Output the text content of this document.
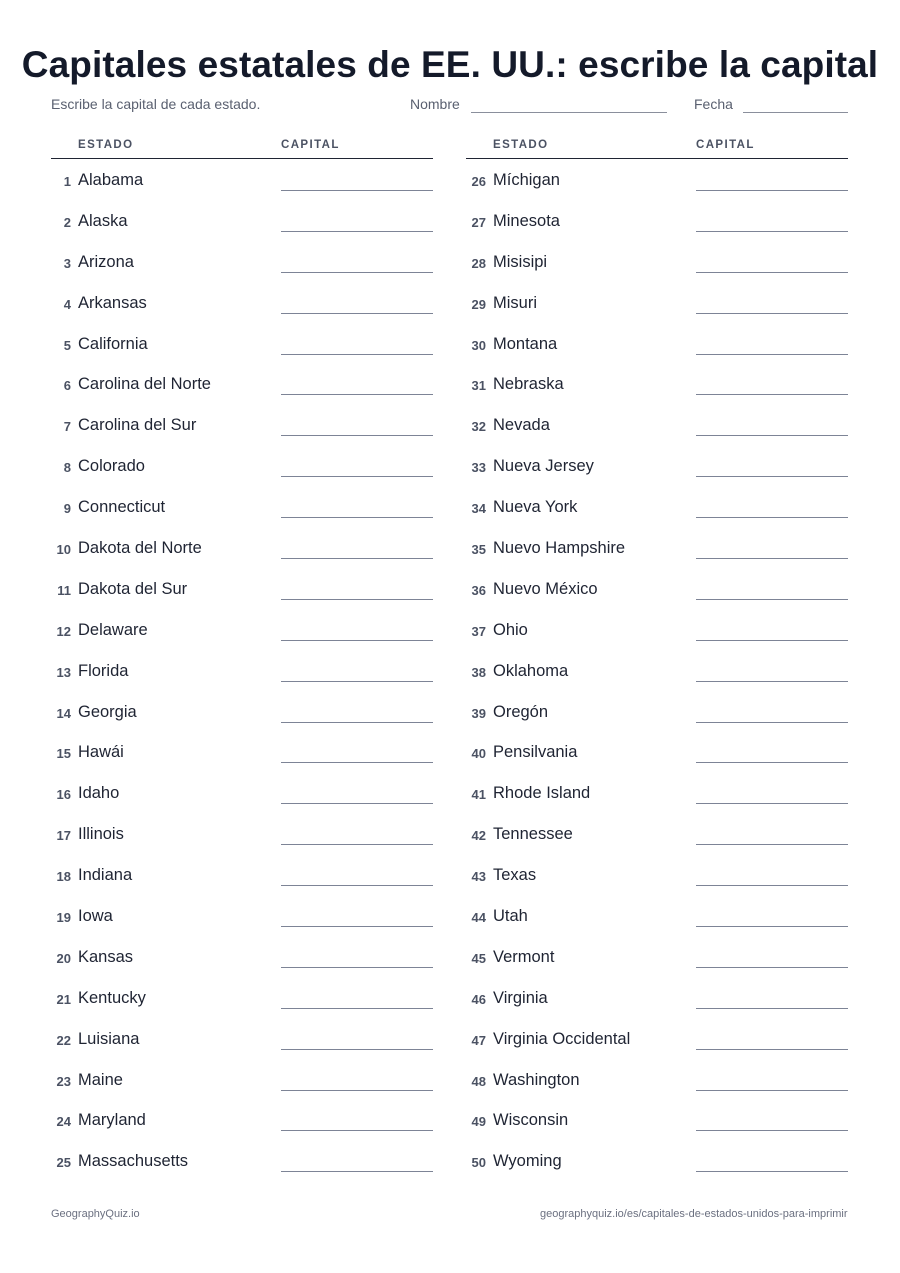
Capitales estatales de EE. UU.: escribe la capital
Escribe la capital de cada estado.	Nombre	Fecha
ESTADO	CAPITAL
1 Alabama
2 Alaska
3 Arizona
4 Arkansas
5 California
6 Carolina del Norte
7 Carolina del Sur
8 Colorado
9 Connecticut
10 Dakota del Norte
11 Dakota del Sur
12 Delaware
13 Florida
14 Georgia
15 Hawái
16 Idaho
17 Illinois
18 Indiana
19 Iowa
20 Kansas
21 Kentucky
22 Luisiana
23 Maine
24 Maryland
25 Massachusetts
ESTADO	CAPITAL
26 Míchigan
27 Minesota
28 Misisipi
29 Misuri
30 Montana
31 Nebraska
32 Nevada
33 Nueva Jersey
34 Nueva York
35 Nuevo Hampshire
36 Nuevo México
37 Ohio
38 Oklahoma
39 Oregón
40 Pensilvania
41 Rhode Island
42 Tennessee
43 Texas
44 Utah
45 Vermont
46 Virginia
47 Virginia Occidental
48 Washington
49 Wisconsin
50 Wyoming
GeographyQuiz.io	geographyquiz.io/es/capitales-de-estados-unidos-para-imprimir
